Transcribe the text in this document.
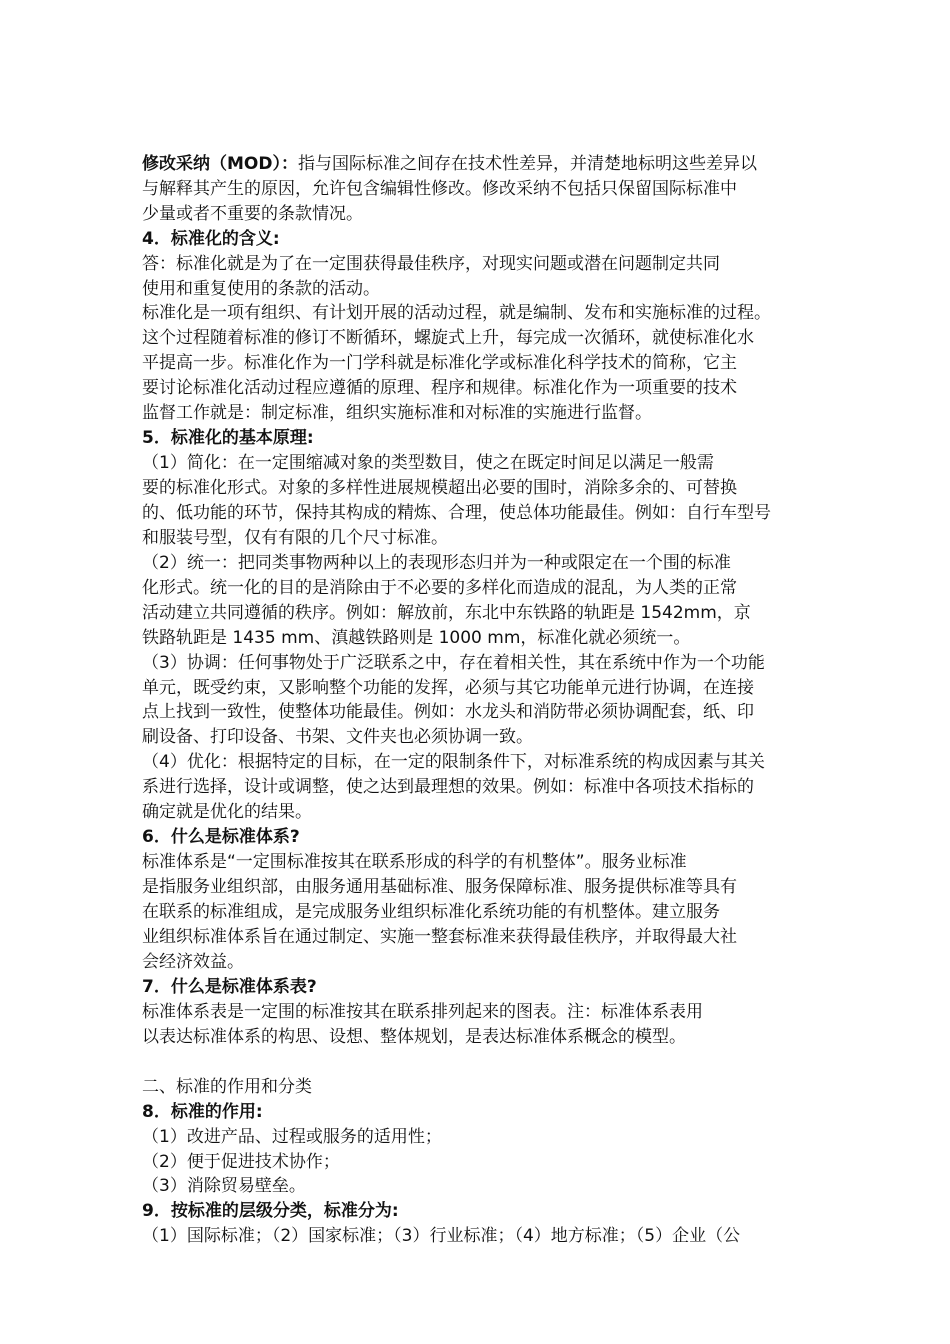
修改采纳（MOD）：指与国际标准之间存在技术性差异，并清楚地标明这些差异以
与解释其产生的原因，允许包含编辑性修改。修改采纳不包括只保留国际标准中
少量或者不重要的条款情况。
4．标准化的含义:
答：标准化就是为了在一定围获得最佳秩序，对现实问题或潜在问题制定共同
使用和重复使用的条款的活动。
标准化是一项有组织、有计划开展的活动过程，就是编制、发布和实施标准的过程。
这个过程随着标准的修订不断循环，螺旋式上升，每完成一次循环，就使标准化水
平提高一步。标准化作为一门学科就是标准化学或标准化科学技术的简称，它主
要讨论标准化活动过程应遵循的原理、程序和规律。标准化作为一项重要的技术
监督工作就是：制定标准，组织实施标准和对标准的实施进行监督。
5．标准化的基本原理:
（1）简化：在一定围缩减对象的类型数目，使之在既定时间足以满足一般需
要的标准化形式。对象的多样性进展规模超出必要的围时，消除多余的、可替换
的、低功能的环节，保持其构成的精炼、合理，使总体功能最佳。例如：自行车型号
和服装号型，仅有有限的几个尺寸标准。
（2）统一：把同类事物两种以上的表现形态归并为一种或限定在一个围的标准
化形式。统一化的目的是消除由于不必要的多样化而造成的混乱，为人类的正常
活动建立共同遵循的秩序。例如：解放前，东北中东铁路的轨距是 1542mm，京
铁路轨距是 1435 mm、滇越铁路则是 1000 mm，标准化就必须统一。
（3）协调：任何事物处于广泛联系之中，存在着相关性，其在系统中作为一个功能
单元，既受约束，又影响整个功能的发挥，必须与其它功能单元进行协调，在连接
点上找到一致性，使整体功能最佳。例如：水龙头和消防带必须协调配套，纸、印
刷设备、打印设备、书架、文件夹也必须协调一致。
（4）优化：根据特定的目标，在一定的限制条件下，对标准系统的构成因素与其关
系进行选择，设计或调整，使之达到最理想的效果。例如：标准中各项技术指标的
确定就是优化的结果。
6．什么是标准体系?
标准体系是“一定围标准按其在联系形成的科学的有机整体”。服务业标准
是指服务业组织部，由服务通用基础标准、服务保障标准、服务提供标准等具有
在联系的标准组成，是完成服务业组织标准化系统功能的有机整体。建立服务
业组织标准体系旨在通过制定、实施一整套标准来获得最佳秩序，并取得最大社
会经济效益。
7．什么是标准体系表?
标准体系表是一定围的标准按其在联系排列起来的图表。注：标准体系表用
以表达标准体系的构思、设想、整体规划，是表达标准体系概念的模型。
二、标准的作用和分类
8．标准的作用:
（1）改进产品、过程或服务的适用性；
（2）便于促进技术协作；
（3）消除贸易壁垒。
9．按标准的层级分类，标准分为:
（1）国际标准；（2）国家标准；（3）行业标准；（4）地方标准；（5）企业（公
